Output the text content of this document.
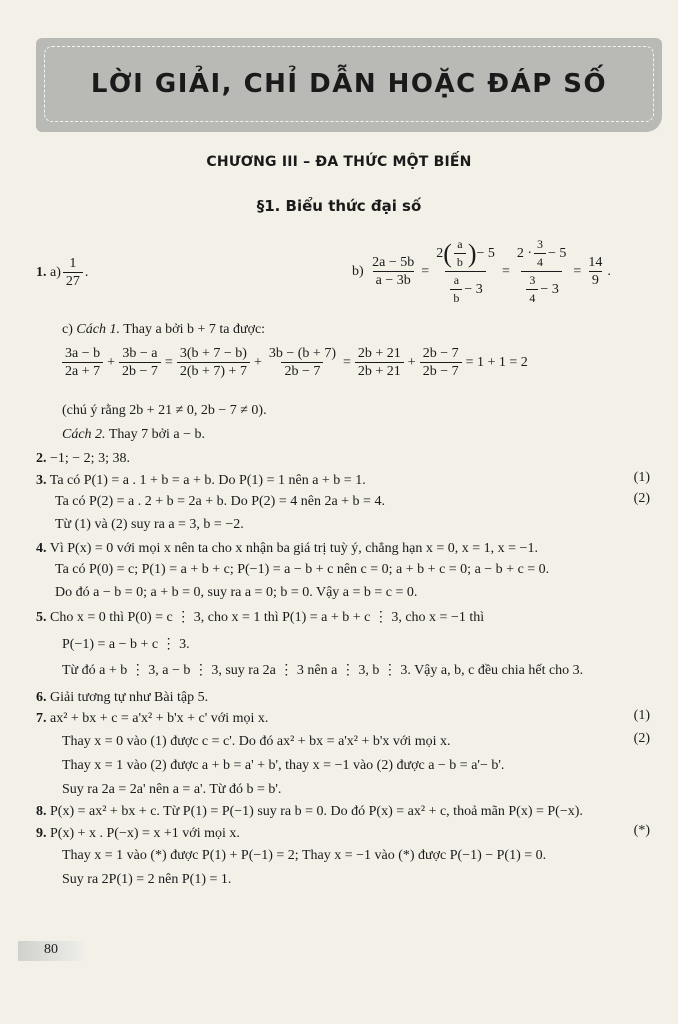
LỜI GIẢI, CHỈ DẪN HOẶC ĐÁP SỐ
CHƯƠNG III – ĐA THỨC MỘT BIẾN
§1. Biểu thức đại số
1.
$a) \frac{1}{27}$ .	b)
$\frac{2a - 5b}{a - 3b}$ =
2 ( $\frac{a}{b}$ ) − 5
$\frac{a}{b} - 3$
= $\frac{2 \cdot \frac{3}{4} - 5}{\frac{3}{4} - 3} = \frac{14}{9}$ .
c) Cách 1. Thay a bởi b + 7 ta được:
$\frac{3a - b}{2a + 7} + \frac{3b - a}{2b - 7} = \frac{3(b + 7 - b)}{2(b + 7) + 7} + \frac{3b - (b + 7)}{2b - 7} = \frac{2b + 21}{2b + 21} + \frac{2b - 7}{2b - 7} = 1 + 1 = 2$
(chú ý rằng 2b + 21 ≠ 0, 2b − 7 ≠ 0).
Cách 2. Thay 7 bởi a − b.
2. −1; − 2; 3; 38.
3. Ta có P(1) = a . 1 + b = a + b. Do P(1) = 1 nên a + b = 1.	(1)
Ta có P(2) = a . 2 + b = 2a + b. Do P(2) = 4 nên 2a + b = 4.	(2)
Từ (1) và (2) suy ra a = 3, b = −2.
4. Vì P(x) = 0 với mọi x nên ta cho x nhận ba giá trị tuỳ ý, chẳng hạn x = 0, x = 1, x = −1.
Ta có P(0) = c; P(1) = a + b + c; P(−1) = a − b + c nên c = 0; a + b + c = 0; a − b + c = 0.
Do đó a − b = 0; a + b = 0, suy ra a = 0; b = 0. Vậy a = b = c = 0.
5. Cho x = 0 thì P(0) = c ⋮ 3, cho x = 1 thì P(1) = a + b + c ⋮ 3, cho x = −1 thì
P(−1) = a − b + c ⋮ 3.
Từ đó a + b ⋮ 3, a − b ⋮ 3, suy ra 2a ⋮ 3 nên a ⋮ 3, b ⋮ 3. Vậy a, b, c đều chia hết cho 3.
6. Giải tương tự như Bài tập 5.
7. ax² + bx + c = a'x² + b'x + c' với mọi x.	(1)
Thay x = 0 vào (1) được c = c'. Do đó ax² + bx = a'x² + b'x với mọi x.	(2)
Thay x = 1 vào (2) được a + b = a' + b', thay x = −1 vào (2) được a − b = a'− b'.
Suy ra 2a = 2a' nên a = a'. Từ đó b = b'.
8. P(x) = ax² + bx + c. Từ P(1) = P(−1) suy ra b = 0. Do đó P(x) = ax² + c, thoả mãn P(x) = P(−x).
9. P(x) + x . P(−x) = x +1 với mọi x.	(*)
Thay x = 1 vào (*) được P(1) + P(−1) = 2; Thay x = −1 vào (*) được P(−1) − P(1) = 0.
Suy ra 2P(1) = 2 nên P(1) = 1.
80
